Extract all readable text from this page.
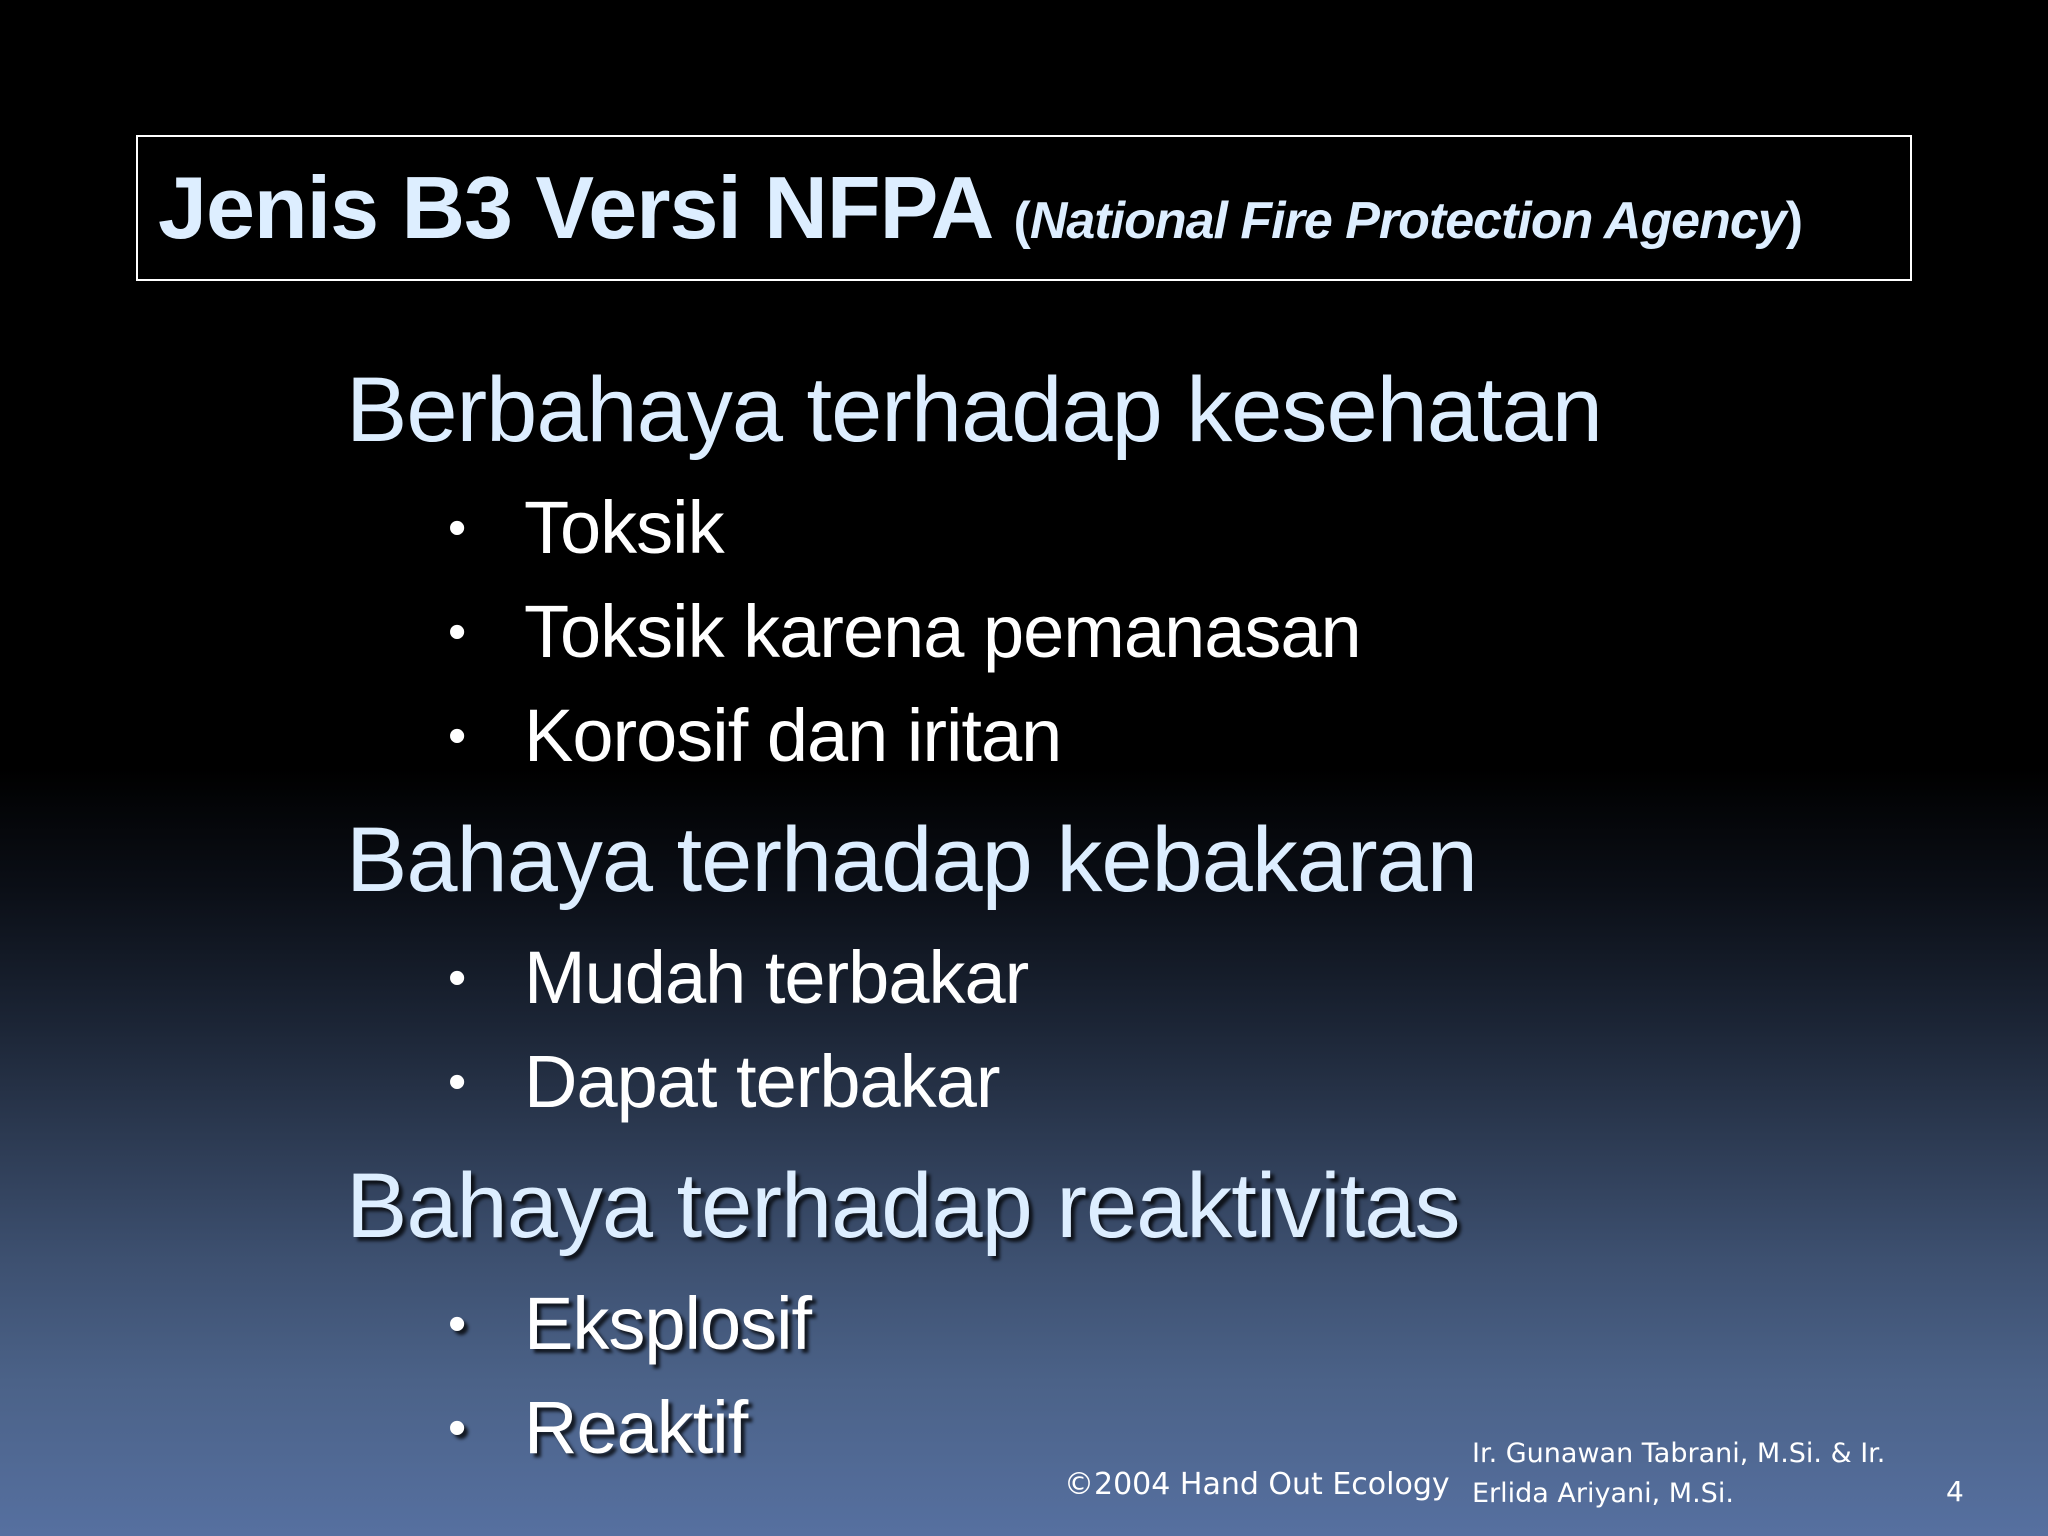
Jenis B3 Versi NFPA (National Fire Protection Agency)
Berbahaya terhadap kesehatan
• Toksik
• Toksik karena pemanasan
• Korosif dan iritan
Bahaya terhadap kebakaran
• Mudah terbakar
• Dapat terbakar
Bahaya terhadap reaktivitas
• Eksplosif
• Reaktif
©2004 Hand Out Ecology
Ir. Gunawan Tabrani, M.Si. & Ir. Erlida Ariyani, M.Si.	4
